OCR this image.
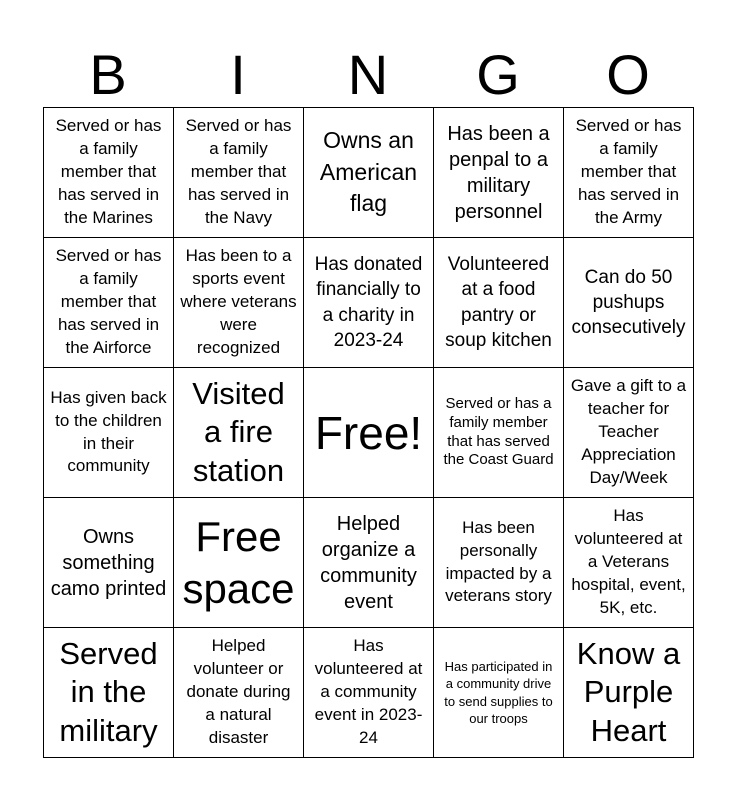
B	I	N	G	O
Served or has a family member that has served in the Marines
Served or has a family member that has served in the Navy
Owns an American flag
Has been a penpal to a military personnel
Served or has a family member that has served in the Army
Served or has a family member that has served in the Airforce
Has been to a sports event where veterans were recognized
Has donated financially to a charity in 2023-24
Volunteered at a food pantry or soup kitchen
Can do 50 pushups consecutively
Has given back to the children in their community
Visited a fire station
Free!
Served or has a family member that has served the Coast Guard
Gave a gift to a teacher for Teacher Appreciation Day/Week
Owns something camo printed
Free space
Helped organize a community event
Has been personally impacted by a veterans story
Has volunteered at a Veterans hospital, event, 5K, etc.
Served in the military
Helped volunteer or donate during a natural disaster
Has volunteered at a community event in 2023-24
Has participated in a community drive to send supplies to our troops
Know a Purple Heart
